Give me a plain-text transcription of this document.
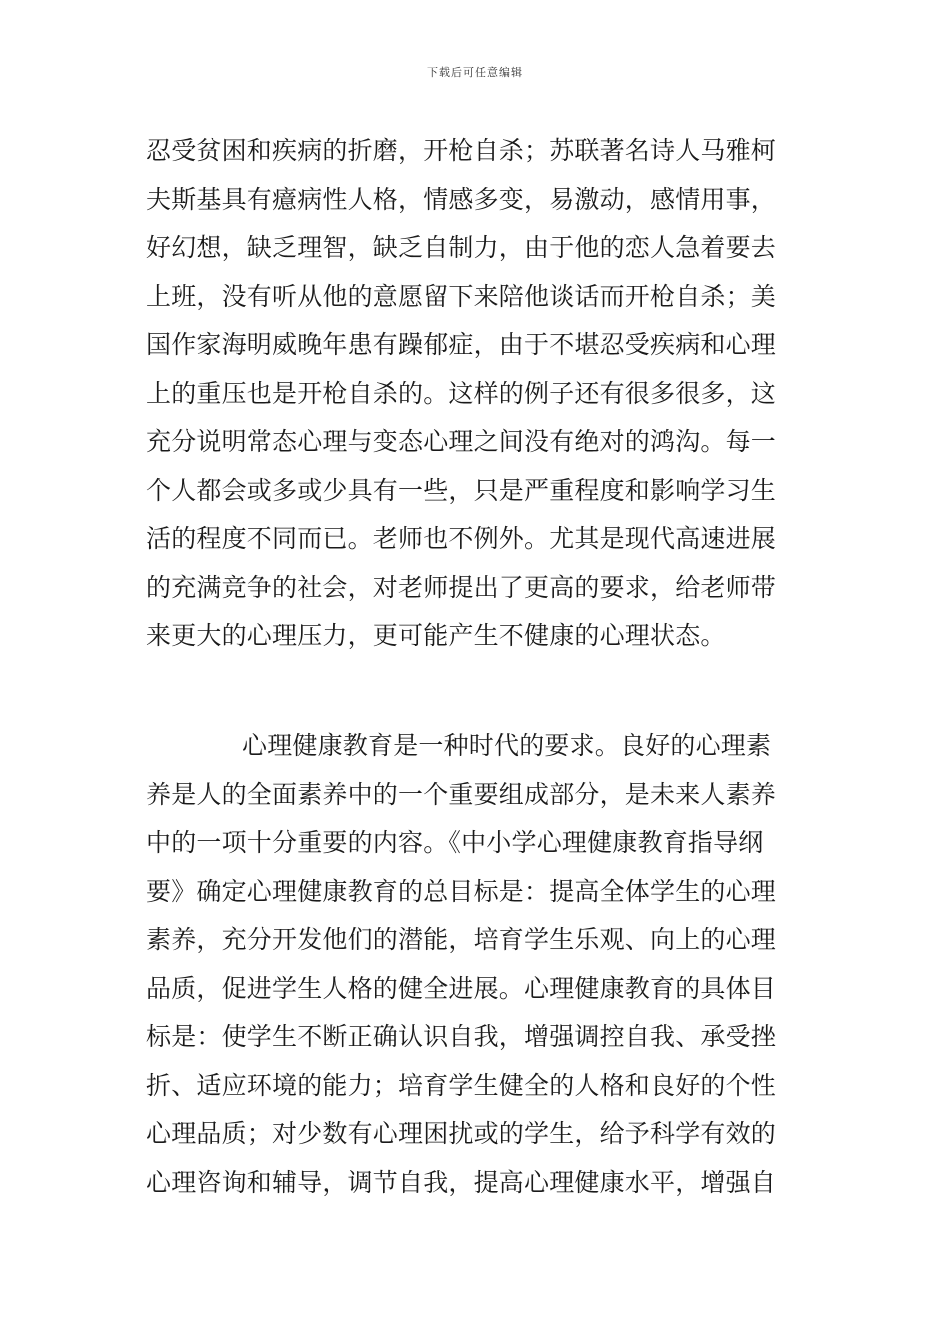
下载后可任意编辑
忍受贫困和疾病的折磨，开枪自杀；苏联著名诗人马雅柯
夫斯基具有癔病性人格，情感多变，易激动，感情用事，
好幻想，缺乏理智，缺乏自制力，由于他的恋人急着要去
上班，没有听从他的意愿留下来陪他谈话而开枪自杀；美
国作家海明威晚年患有躁郁症，由于不堪忍受疾病和心理
上的重压也是开枪自杀的。这样的例子还有很多很多，这
充分说明常态心理与变态心理之间没有绝对的鸿沟。每一
个人都会或多或少具有一些，只是严重程度和影响学习生
活的程度不同而已。老师也不例外。尤其是现代高速进展
的充满竞争的社会，对老师提出了更高的要求，给老师带
来更大的心理压力，更可能产生不健康的心理状态。
心理健康教育是一种时代的要求。良好的心理素
养是人的全面素养中的一个重要组成部分，是未来人素养
中的一项十分重要的内容。《中小学心理健康教育指导纲
要》确定心理健康教育的总目标是：提高全体学生的心理
素养，充分开发他们的潜能，培育学生乐观、向上的心理
品质，促进学生人格的健全进展。心理健康教育的具体目
标是：使学生不断正确认识自我，增强调控自我、承受挫
折、适应环境的能力；培育学生健全的人格和良好的个性
心理品质；对少数有心理困扰或的学生，给予科学有效的
心理咨询和辅导，调节自我，提高心理健康水平，增强自
